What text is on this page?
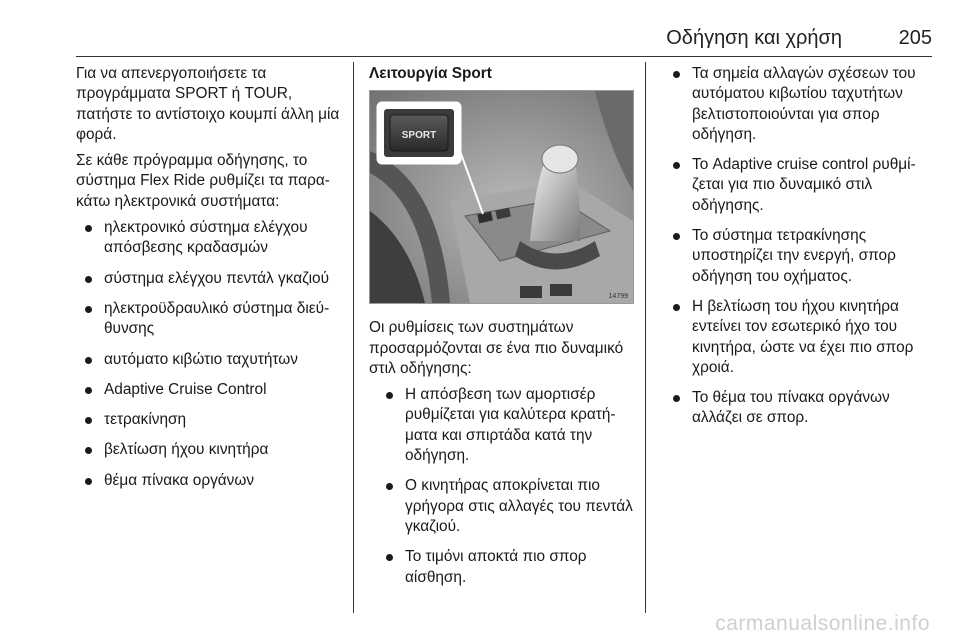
Οδήγηση και χρήση	205

Για να απενεργοποιήσετε τα προγράμματα SPORT ή TOUR, πατήστε το αντίστοιχο κουμπί άλλη μία φορά.

Σε κάθε πρόγραμμα οδήγησης, το σύστημα Flex Ride ρυθμίζει τα παρα- κάτω ηλεκτρονικά συστήματα:

ηλεκτρονικό σύστημα ελέγχου απόσβεσης κραδασμών
σύστημα ελέγχου πεντάλ γκαζιού
ηλεκτροϋδραυλικό σύστημα διεύ- θυνσης
αυτόματο κιβώτιο ταχυτήτων
Adaptive Cruise Control
τετρακίνηση
βελτίωση ήχου κινητήρα
θέμα πίνακα οργάνων

Λειτουργία Sport

SPORT
14799

Οι ρυθμίσεις των συστημάτων προσαρμόζονται σε ένα πιο δυναμικό στιλ οδήγησης:

Η απόσβεση των αμορτισέρ ρυθμίζεται για καλύτερα κρατή- ματα και σπιρτάδα κατά την οδήγηση.
Ο κινητήρας αποκρίνεται πιο γρήγορα στις αλλαγές του πεντάλ γκαζιού.
Το τιμόνι αποκτά πιο σπορ αίσθηση.
Τα σημεία αλλαγών σχέσεων του αυτόματου κιβωτίου ταχυτήτων βελτιστοποιούνται για σπορ οδήγηση.
Το Adaptive cruise control ρυθμί- ζεται για πιο δυναμικό στιλ οδήγησης.
Το σύστημα τετρακίνησης υποστηρίζει την ενεργή, σπορ οδήγηση του οχήματος.
Η βελτίωση του ήχου κινητήρα εντείνει τον εσωτερικό ήχο του κινητήρα, ώστε να έχει πιο σπορ χροιά.
Το θέμα του πίνακα οργάνων αλλάζει σε σπορ.
carmanualsonline.info
